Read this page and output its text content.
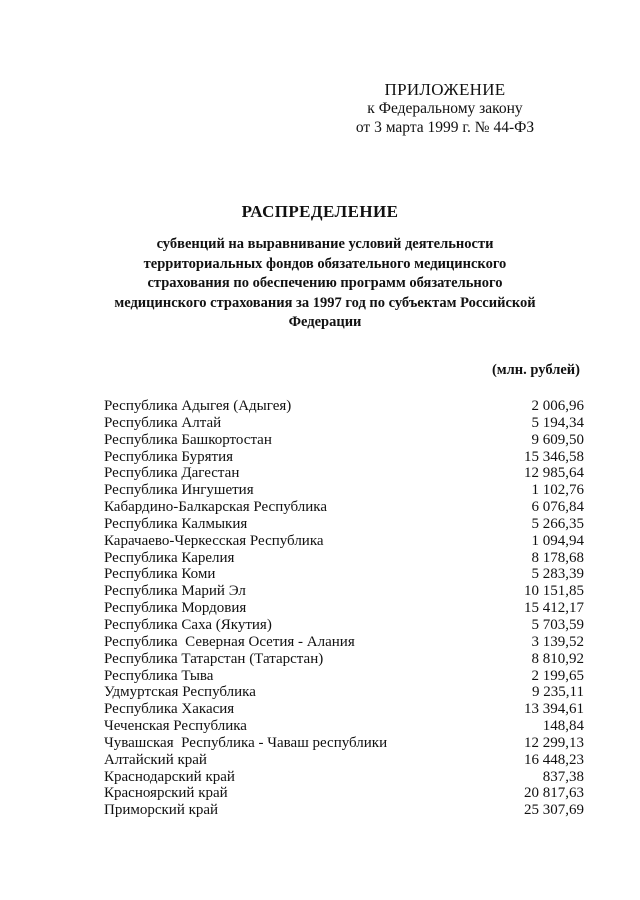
ПРИЛОЖЕНИЕ
к Федеральному закону
от 3 марта 1999 г. № 44-ФЗ
РАСПРЕДЕЛЕНИЕ
субвенций на выравнивание условий деятельности
территориальных фондов обязательного медицинского
страхования по обеспечению программ обязательного
медицинского страхования за 1997 год по субъектам Российской
Федерации
(млн. рублей)
Республика Адыгея (Адыгея)	2 006,96
Республика Алтай	5 194,34
Республика Башкортостан	9 609,50
Республика Бурятия	15 346,58
Республика Дагестан	12 985,64
Республика Ингушетия	1 102,76
Кабардино-Балкарская Республика	6 076,84
Республика Калмыкия	5 266,35
Карачаево-Черкесская Республика	1 094,94
Республика Карелия	8 178,68
Республика Коми	5 283,39
Республика Марий Эл	10 151,85
Республика Мордовия	15 412,17
Республика Саха (Якутия)	5 703,59
Республика  Северная Осетия - Алания	3 139,52
Республика Татарстан (Татарстан)	8 810,92
Республика Тыва	2 199,65
Удмуртская Республика	9 235,11
Республика Хакасия	13 394,61
Чеченская Республика	148,84
Чувашская  Республика - Чаваш республики	12 299,13
Алтайский край	16 448,23
Краснодарский край	837,38
Красноярский край	20 817,63
Приморский край	25 307,69
